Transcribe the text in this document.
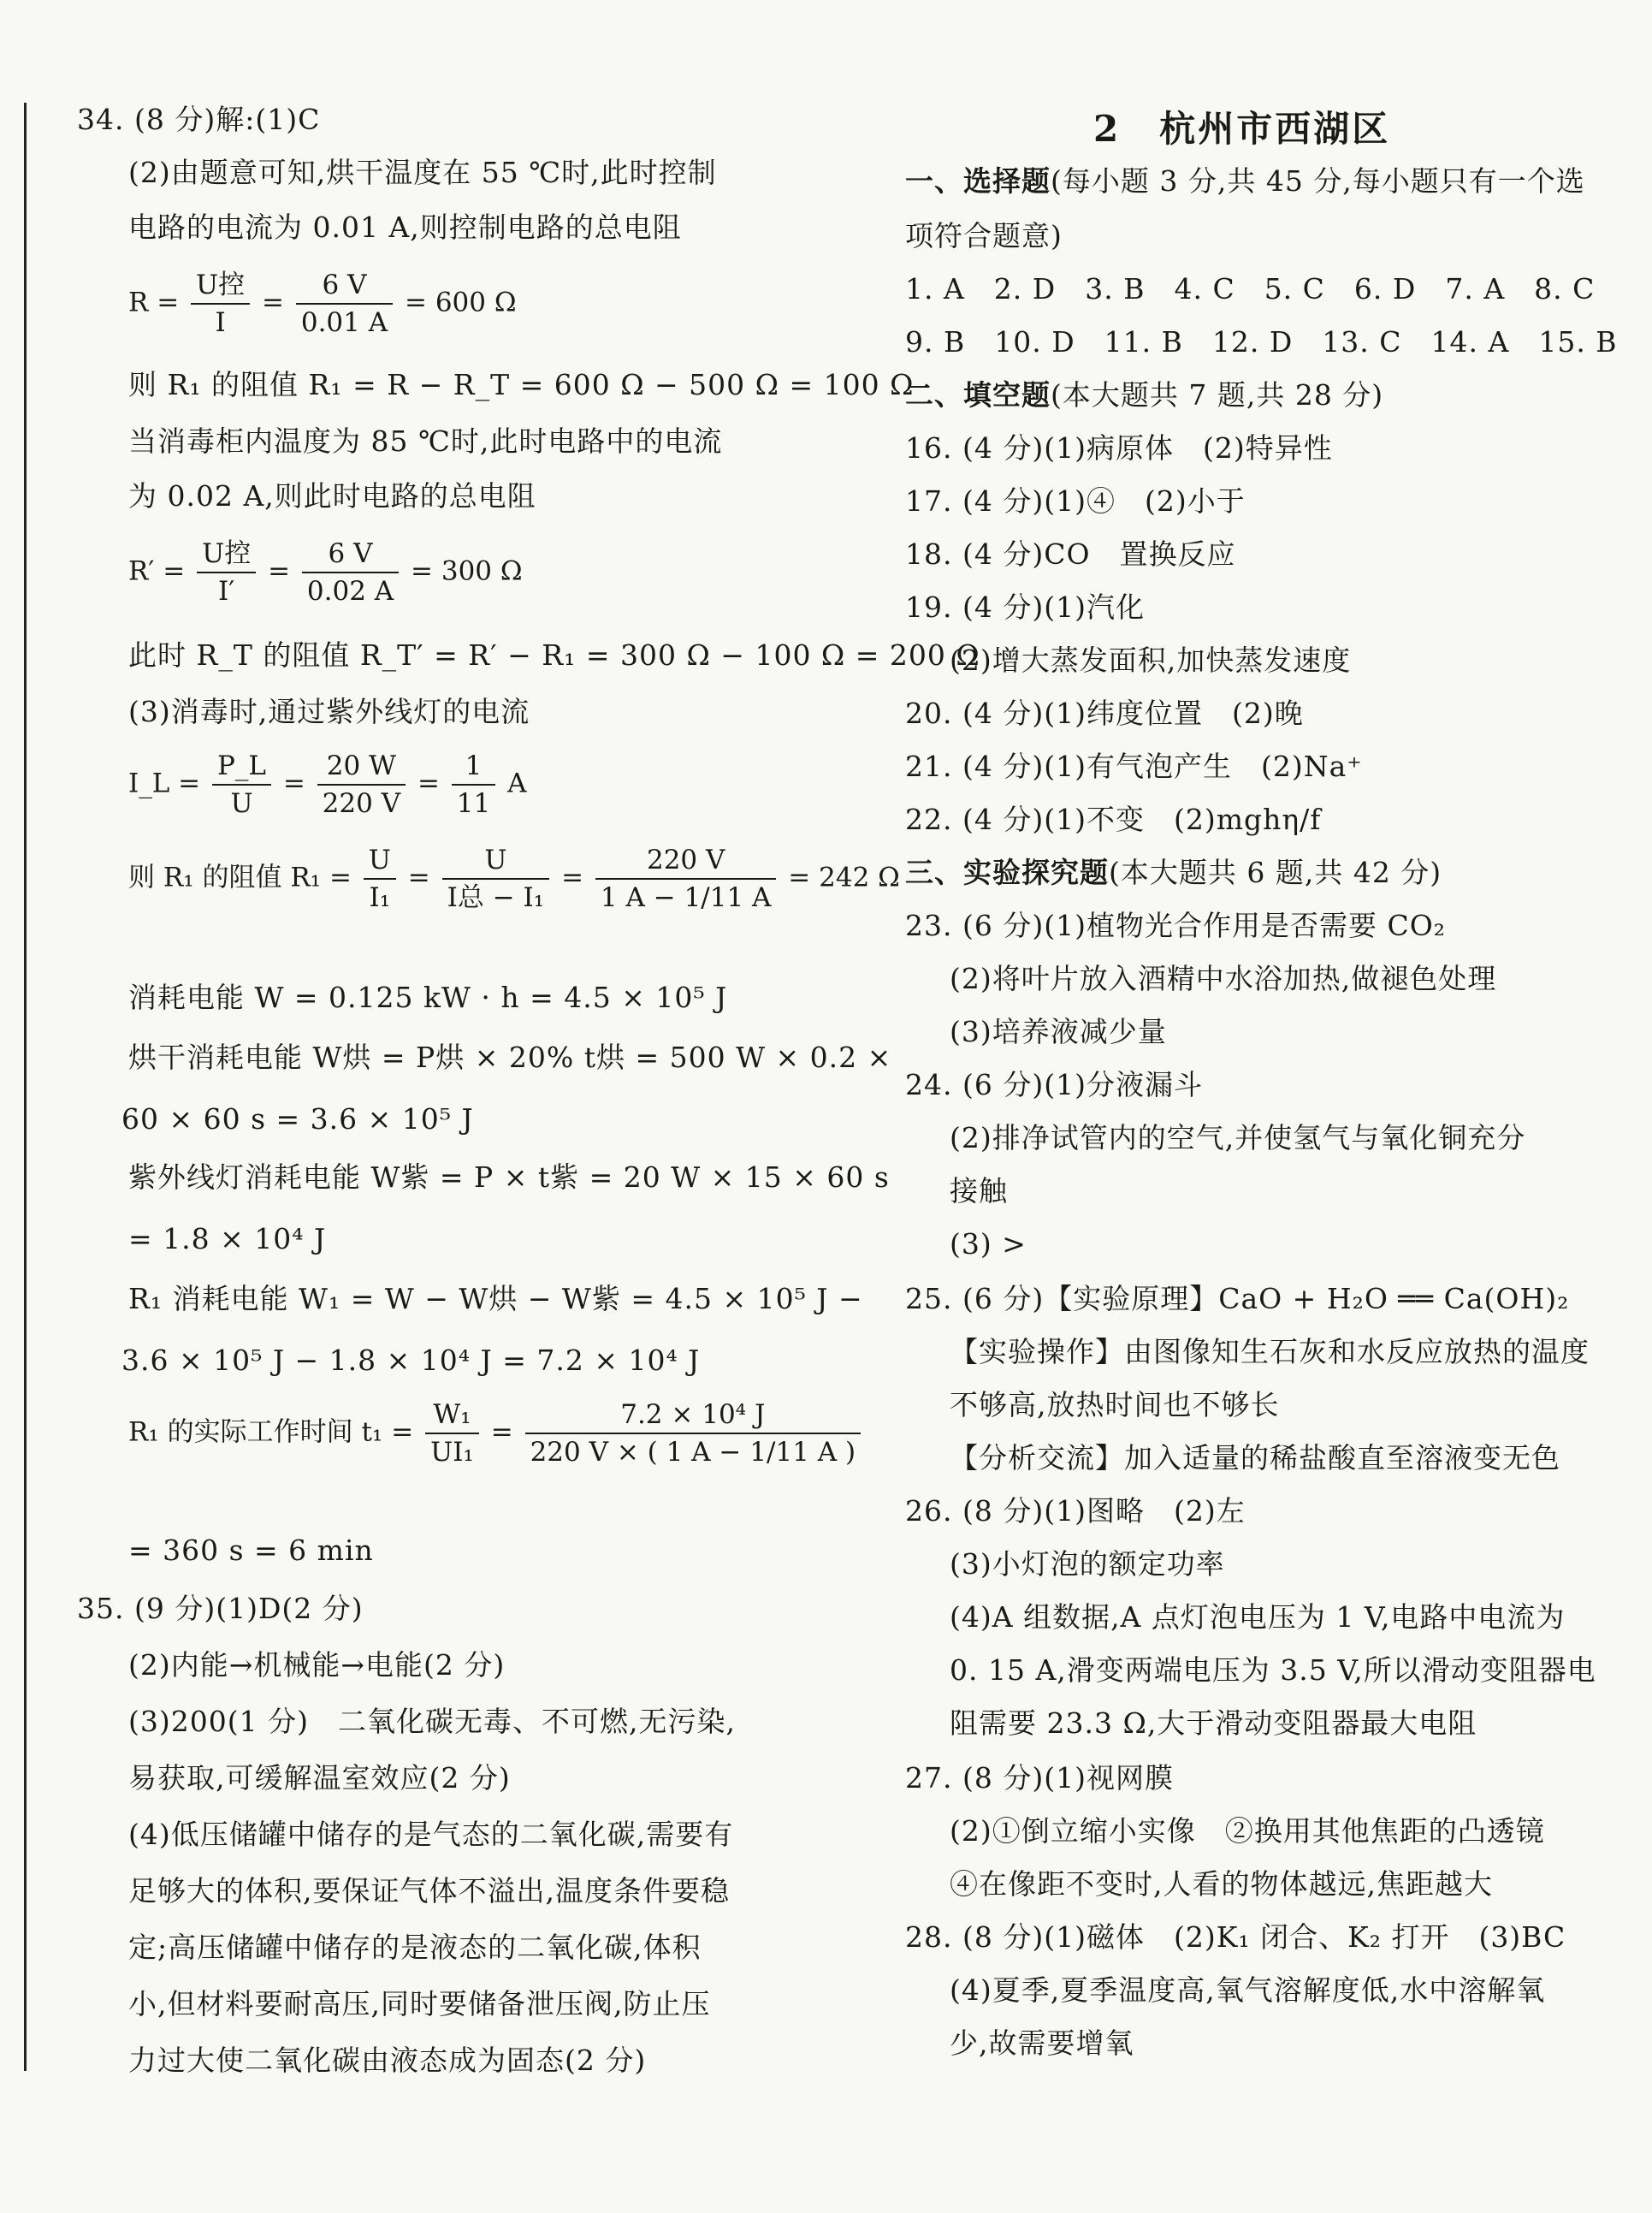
34. (8 分)解:(1)C
(2)由题意可知,烘干温度在 55 ℃时,此时控制
电路的电流为 0.01 A,则控制电路的总电阻
$R = \frac{\text{U控}}{I} = \frac{6 V}{0.01 A} = 600$ Ω
则 R₁ 的阻值 R₁ = R − R_T = 600 Ω − 500 Ω = 100 Ω
当消毒柜内温度为 85 ℃时,此时电路中的电流
为 0.02 A,则此时电路的总电阻
$R' = \frac{\text{U控}}{I'} = \frac{6 V}{0.02 A} = 300$ Ω
此时 R_T 的阻值 R_T′ = R′ − R₁ = 300 Ω − 100 Ω = 200 Ω
(3)消毒时,通过紫外线灯的电流
I_L = $\frac{P\_L}{U} = \frac{20 W}{220 V} = \frac{1}{11}$ A
则 R₁ 的阻值 $R_1 = \frac{U}{\text{I₁}} = \frac{U}{\text{I总 − I₁}} = \frac{220 V}{1 A - 1/11 A} = 242$ Ω
消耗电能 W = 0.125 kW · h = 4.5 × 10⁵ J
烘干消耗电能 W烘 = P烘 × 20% t烘 = 500 W × 0.2 ×
60 × 60 s = 3.6 × 10⁵ J
紫外线灯消耗电能 W紫 = P × t紫 = 20 W × 15 × 60 s
= 1.8 × 10⁴ J
R₁ 消耗电能 W₁ = W − W烘 − W紫 = 4.5 × 10⁵ J −
3.6 × 10⁵ J − 1.8 × 10⁴ J = 7.2 × 10⁴ J
R₁ 的实际工作时间 $t_1 = \frac{\text{W₁}}{\text{UI₁}} = \frac{\text{7.2 × 10⁴ J}}{220 V \times ( 1 A - 1/11 A )}$
= 360 s = 6 min
35. (9 分)(1)D(2 分)
(2)内能→机械能→电能(2 分)
(3)200(1 分)　二氧化碳无毒、不可燃,无污染,
易获取,可缓解温室效应(2 分)
(4)低压储罐中储存的是气态的二氧化碳,需要有
足够大的体积,要保证气体不溢出,温度条件要稳
定;高压储罐中储存的是液态的二氧化碳,体积
小,但材料要耐高压,同时要储备泄压阀,防止压
力过大使二氧化碳由液态成为固态(2 分)
2　杭州市西湖区
一、选择题(每小题 3 分,共 45 分,每小题只有一个选
项符合题意)
1. A　2. D　3. B　4. C　5. C　6. D　7. A　8. C
9. B　10. D　11. B　12. D　13. C　14. A　15. B
二、填空题(本大题共 7 题,共 28 分)
16. (4 分)(1)病原体　(2)特异性
17. (4 分)(1)④　(2)小于
18. (4 分)CO　置换反应
19. (4 分)(1)汽化
(2)增大蒸发面积,加快蒸发速度
20. (4 分)(1)纬度位置　(2)晚
21. (4 分)(1)有气泡产生　(2)Na⁺
22. (4 分)(1)不变　(2)mghη/f
三、实验探究题(本大题共 6 题,共 42 分)
23. (6 分)(1)植物光合作用是否需要 CO₂
(2)将叶片放入酒精中水浴加热,做褪色处理
(3)培养液减少量
24. (6 分)(1)分液漏斗
(2)排净试管内的空气,并使氢气与氧化铜充分
接触
(3) >
25. (6 分)【实验原理】CaO + H₂O ══ Ca(OH)₂
【实验操作】由图像知生石灰和水反应放热的温度
不够高,放热时间也不够长
【分析交流】加入适量的稀盐酸直至溶液变无色
26. (8 分)(1)图略　(2)左
(3)小灯泡的额定功率
(4)A 组数据,A 点灯泡电压为 1 V,电路中电流为
0. 15 A,滑变两端电压为 3.5 V,所以滑动变阻器电
阻需要 23.3 Ω,大于滑动变阻器最大电阻
27. (8 分)(1)视网膜
(2)①倒立缩小实像　②换用其他焦距的凸透镜
④在像距不变时,人看的物体越远,焦距越大
28. (8 分)(1)磁体　(2)K₁ 闭合、K₂ 打开　(3)BC
(4)夏季,夏季温度高,氧气溶解度低,水中溶解氧
少,故需要增氧
